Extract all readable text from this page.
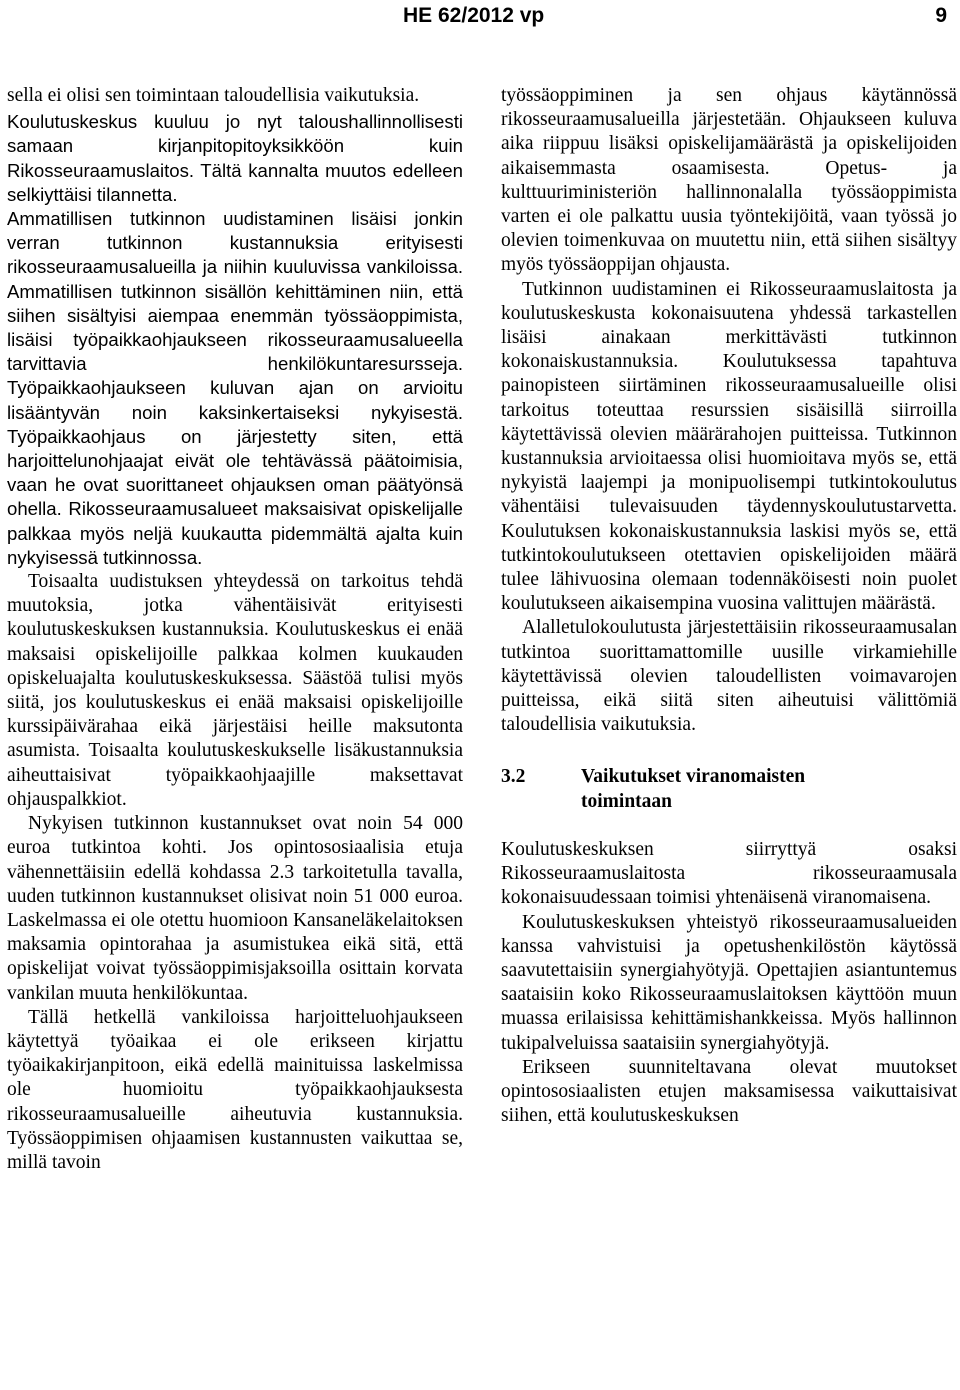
HE 62/2012 vp	9

sella ei olisi sen toimintaan taloudellisia vaikutuksia.

Koulutuskeskus kuuluu jo nyt taloushallinnollisesti samaan kirjanpitopitoyksikköön kuin Rikosseuraamuslaitos. Tältä kannalta muutos edelleen selkiyttäisi tilannetta.

Ammatillisen tutkinnon uudistaminen lisäisi jonkin verran tutkinnon kustannuksia erityisesti rikosseuraamusalueilla ja niihin kuuluvissa vankiloissa. Ammatillisen tutkinnon sisällön kehittäminen niin, että siihen sisältyisi aiempaa enemmän työssäoppimista, lisäisi työpaikkaohjaukseen rikosseuraamusalueella tarvittavia henkilökuntaresursseja. Työpaikkaohjaukseen kuluvan ajan on arvioitu lisääntyvän noin kaksinkertaiseksi nykyisestä. Työpaikkaohjaus on järjestetty siten, että harjoittelunohjaajat eivät ole tehtävässä päätoimisia, vaan he ovat suorittaneet ohjauksen oman päätyönsä ohella. Rikosseuraamusalueet maksaisivat opiskelijalle palkkaa myös neljä kuukautta pidemmältä ajalta kuin nykyisessä tutkinnossa.

Toisaalta uudistuksen yhteydessä on tarkoitus tehdä muutoksia, jotka vähentäisivät erityisesti koulutuskeskuksen kustannuksia. Koulutuskeskus ei enää maksaisi opiskelijoille palkkaa kolmen kuukauden opiskeluajalta koulutuskeskuksessa. Säästöä tulisi myös siitä, jos koulutuskeskus ei enää maksaisi opiskelijoille kurssipäivärahaa eikä järjestäisi heille maksutonta asumista. Toisaalta koulutuskeskukselle lisäkustannuksia aiheuttaisivat työpaikkaohjaajille maksettavat ohjauspalkkiot.

Nykyisen tutkinnon kustannukset ovat noin 54 000 euroa tutkintoa kohti. Jos opintososiaalisia etuja vähennettäisiin edellä kohdassa 2.3 tarkoitetulla tavalla, uuden tutkinnon kustannukset olisivat noin 51 000 euroa. Laskelmassa ei ole otettu huomioon Kansaneläkelaitoksen maksamia opintorahaa ja asumistukea eikä sitä, että opiskelijat voivat työssäoppimisjaksoilla osittain korvata vankilan muuta henkilökuntaa.

Tällä hetkellä vankiloissa harjoitteluohjaukseen käytettyä työaikaa ei ole erikseen kirjattu työaikakirjanpitoon, eikä edellä mainituissa laskelmissa ole huomioitu työpaikkaohjauksesta rikosseuraamusalueille aiheutuvia kustannuksia. Työssäoppimisen ohjaamisen kustannusten vaikuttaa se, millä tavoin

työssäoppiminen ja sen ohjaus käytännössä rikosseuraamusalueilla järjestetään. Ohjaukseen kuluva aika riippuu lisäksi opiskelijamäärästä ja opiskelijoiden aikaisemmasta osaamisesta. Opetus- ja kulttuuriministeriön hallinnonalalla työssäoppimista varten ei ole palkattu uusia työntekijöitä, vaan työssä jo olevien toimenkuvaa on muutettu niin, että siihen sisältyy myös työssäoppijan ohjausta.

Tutkinnon uudistaminen ei Rikosseuraamuslaitosta ja koulutuskeskusta kokonaisuutena yhdessä tarkastellen lisäisi ainakaan merkittävästi tutkinnon kokonaiskustannuksia. Koulutuksessa tapahtuva painopisteen siirtäminen rikosseuraamusalueille olisi tarkoitus toteuttaa resurssien sisäisillä siirroilla käytettävissä olevien määrärahojen puitteissa. Tutkinnon kustannuksia arvioitaessa olisi huomioitava myös se, että nykyistä laajempi ja monipuolisempi tutkintokoulutus vähentäisi tulevaisuuden täydennyskoulutustarvetta. Koulutuksen kokonaiskustannuksia laskisi myös se, että tutkintokoulutukseen otettavien opiskelijoiden määrä tulee lähivuosina olemaan todennäköisesti noin puolet koulutukseen aikaisempina vuosina valittujen määrästä.

Alalletulokoulutusta järjestettäisiin rikosseuraamusalan tutkintoa suorittamattomille uusille virkamiehille käytettävissä olevien taloudellisten voimavarojen puitteissa, eikä siitä siten aiheutuisi välittömiä taloudellisia vaikutuksia.

3.2	Vaikutukset viranomaisten toimintaan

Koulutuskeskuksen siirryttyä osaksi Rikosseuraamuslaitosta rikosseuraamusala kokonaisuudessaan toimisi yhtenäisenä viranomaisena.

Koulutuskeskuksen yhteistyö rikosseuraamusalueiden kanssa vahvistuisi ja opetushenkilöstön käytössä saavutettaisiin synergiahyötyjä. Opettajien asiantuntemus saataisiin koko Rikosseuraamuslaitoksen käyttöön muun muassa erilaisissa kehittämishankkeissa. Myös hallinnon tukipalveluissa saataisiin synergiahyötyjä.

Erikseen suunniteltavana olevat muutokset opintososiaalisten etujen maksamisessa vaikuttaisivat siihen, että koulutuskeskuksen
